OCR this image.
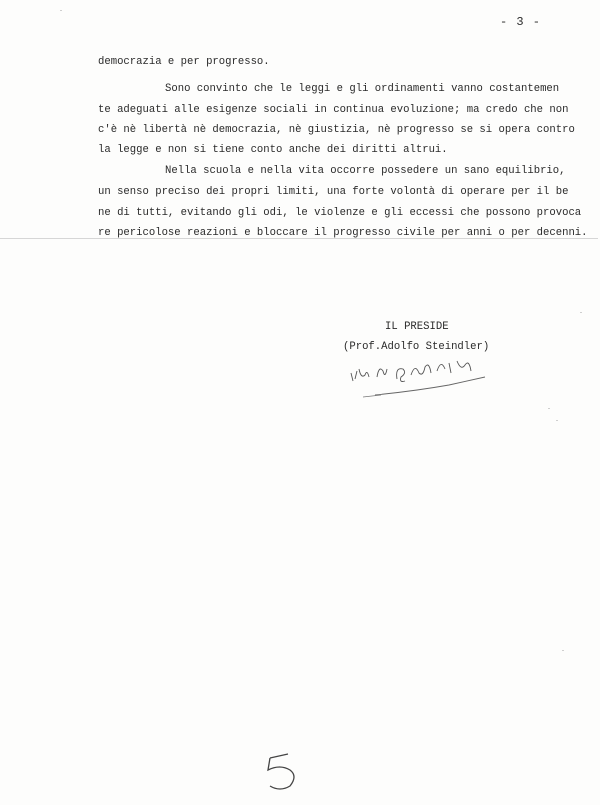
- 3 -
democrazia e per progresso.
Sono convinto che le leggi e gli ordinamenti vanno costantemen
te adeguati alle esigenze sociali in continua evoluzione; ma credo che non
c'è nè libertà nè democrazia, nè giustizia, nè progresso se si opera contro
la legge e non si tiene conto anche dei diritti altrui.
Nella scuola e nella vita occorre possedere un sano equilibrio,
un senso preciso dei propri limiti, una forte volontà di operare per il be
ne di tutti, evitando gli odi, le violenze e gli eccessi che possono provoca
re pericolose reazioni e bloccare il progresso civile per anni o per decenni.
IL PRESIDE
(Prof.Adolfo Steindler)
